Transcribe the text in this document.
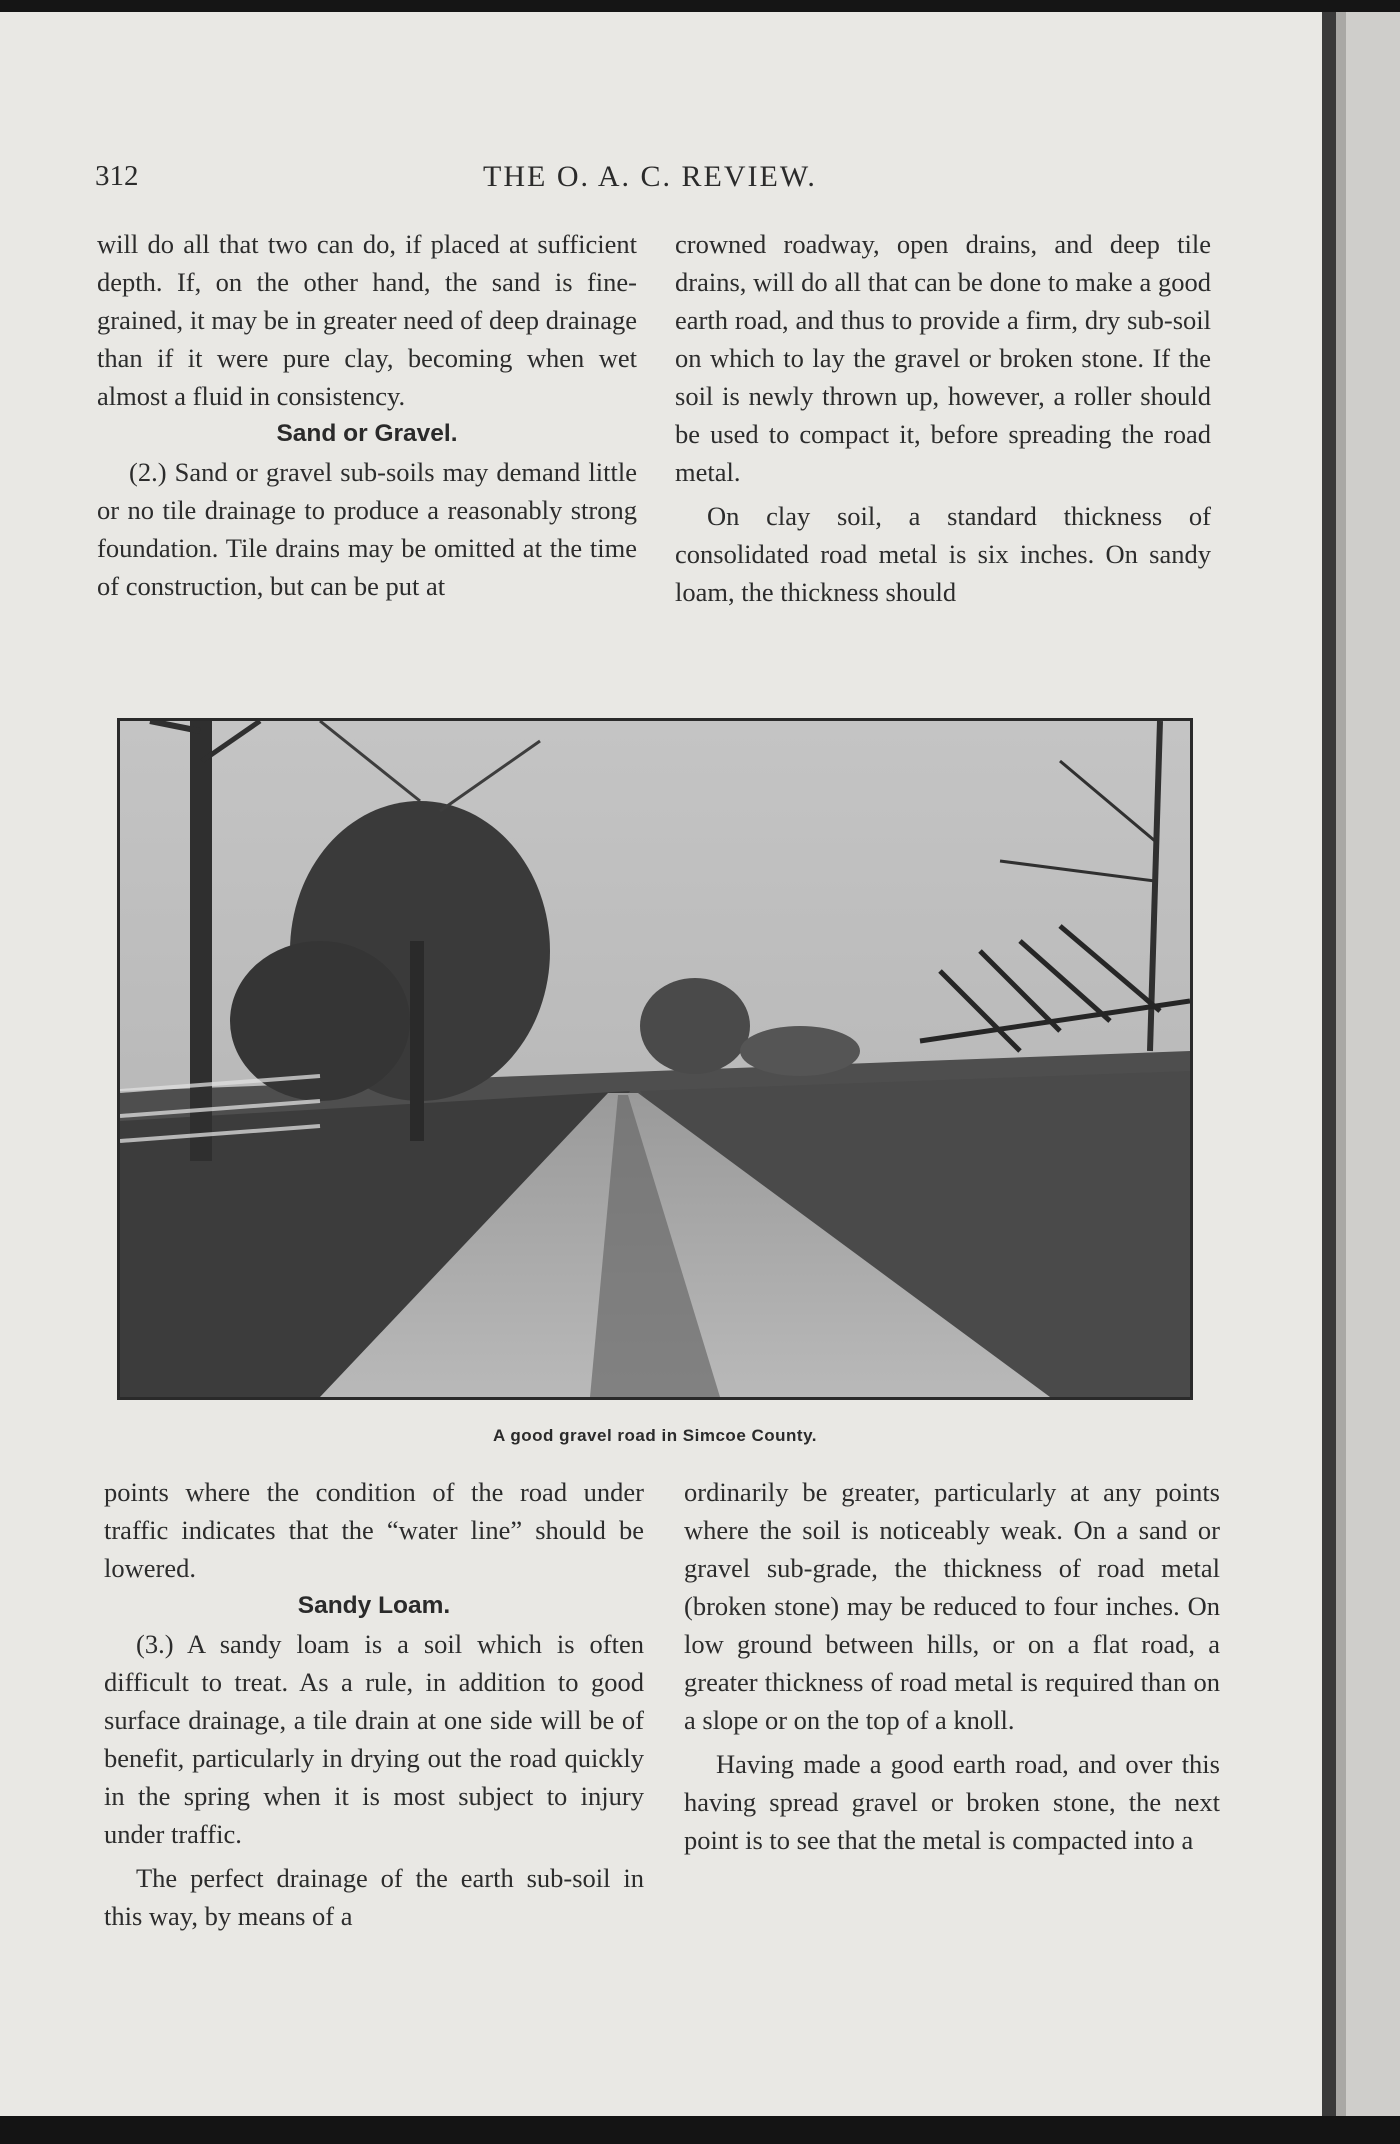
312	THE O. A. C. REVIEW.

will do all that two can do, if placed at sufficient depth. If, on the other hand, the sand is fine-grained, it may be in greater need of deep drainage than if it were pure clay, becoming when wet almost a fluid in consistency.

Sand or Gravel.

(2.) Sand or gravel sub-soils may demand little or no tile drainage to produce a reasonably strong foundation. Tile drains may be omitted at the time of construction, but can be put at

crowned roadway, open drains, and deep tile drains, will do all that can be done to make a good earth road, and thus to provide a firm, dry sub-soil on which to lay the gravel or broken stone. If the soil is newly thrown up, however, a roller should be used to compact it, before spreading the road metal.

On clay soil, a standard thickness of consolidated road metal is six inches. On sandy loam, the thickness should

A good gravel road in Simcoe County.

points where the condition of the road under traffic indicates that the “water line” should be lowered.

Sandy Loam.

(3.) A sandy loam is a soil which is often difficult to treat. As a rule, in addition to good surface drainage, a tile drain at one side will be of benefit, particularly in drying out the road quickly in the spring when it is most subject to injury under traffic.

The perfect drainage of the earth sub-soil in this way, by means of a

ordinarily be greater, particularly at any points where the soil is noticeably weak. On a sand or gravel sub-grade, the thickness of road metal (broken stone) may be reduced to four inches. On low ground between hills, or on a flat road, a greater thickness of road metal is required than on a slope or on the top of a knoll.

Having made a good earth road, and over this having spread gravel or broken stone, the next point is to see that the metal is compacted into a
